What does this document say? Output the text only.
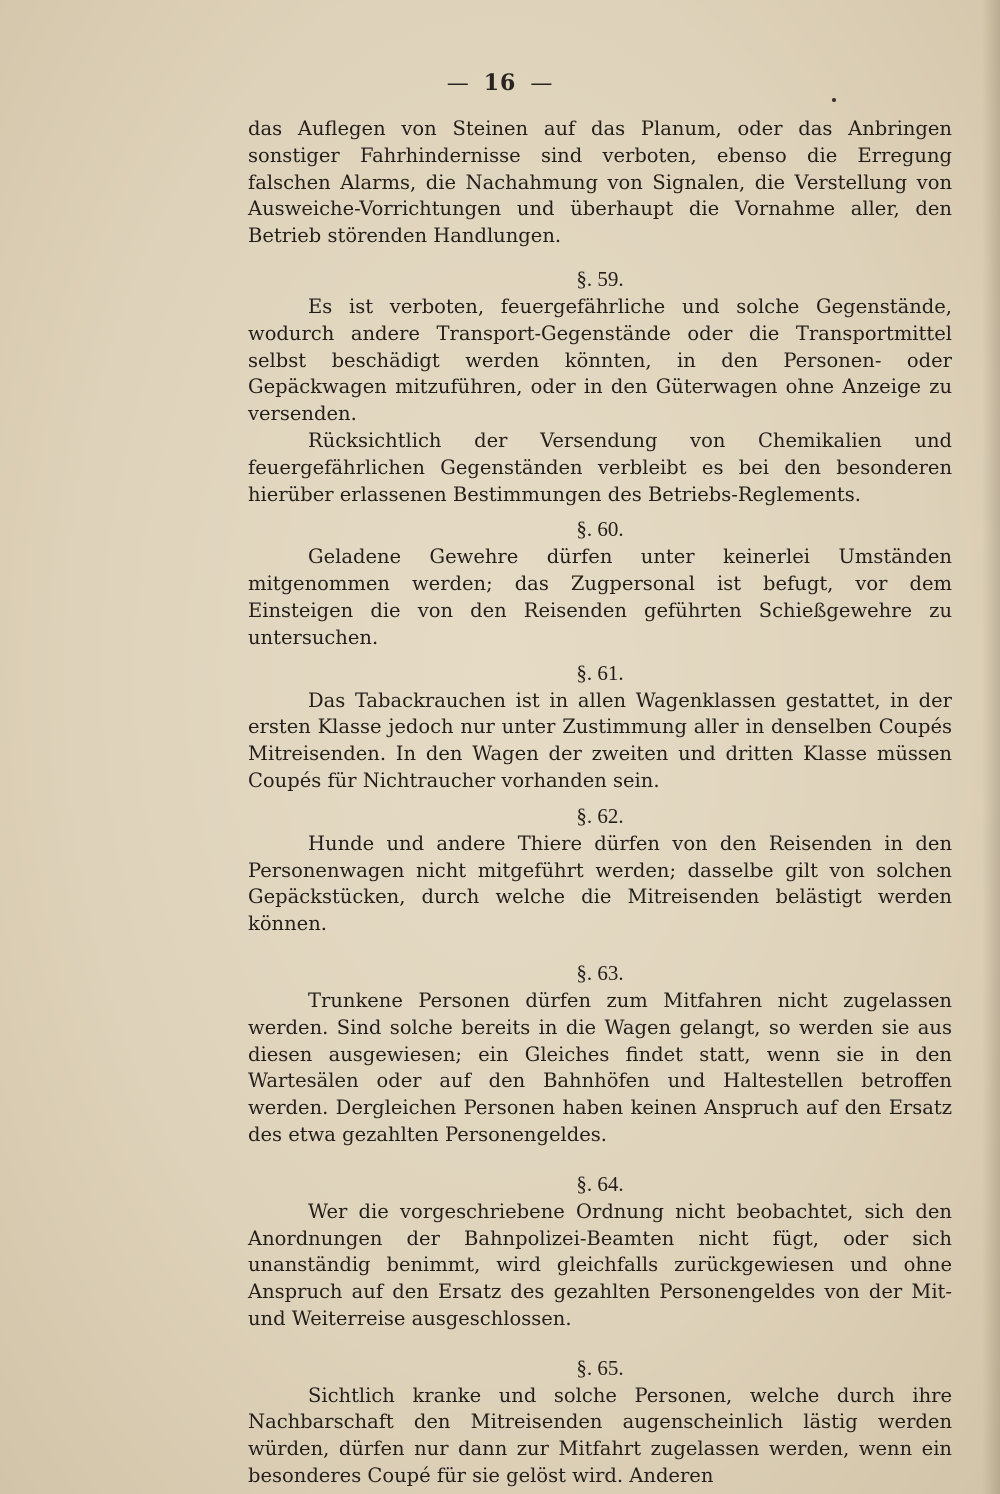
— 16 —

das Auflegen von Steinen auf das Planum, oder das Anbringen sonstiger Fahrhindernisse sind verboten, ebenso die Erregung falschen Alarms, die Nachahmung von Signalen, die Verstellung von Ausweiche-Vorrichtungen und überhaupt die Vornahme aller, den Betrieb störenden Handlungen.

§. 59.

Es ist verboten, feuergefährliche und solche Gegenstände, wodurch andere Transport-Gegenstände oder die Transportmittel selbst beschädigt werden könnten, in den Personen- oder Gepäckwagen mitzuführen, oder in den Güterwagen ohne Anzeige zu versenden.

Rücksichtlich der Versendung von Chemikalien und feuergefährlichen Gegenständen verbleibt es bei den besonderen hierüber erlassenen Bestimmungen des Betriebs-Reglements.

§. 60.

Geladene Gewehre dürfen unter keinerlei Umständen mitgenommen werden; das Zugpersonal ist befugt, vor dem Einsteigen die von den Reisenden geführten Schießgewehre zu untersuchen.

§. 61.

Das Tabackrauchen ist in allen Wagenklassen gestattet, in der ersten Klasse jedoch nur unter Zustimmung aller in denselben Coupés Mitreisenden. In den Wagen der zweiten und dritten Klasse müssen Coupés für Nichtraucher vorhanden sein.

§. 62.

Hunde und andere Thiere dürfen von den Reisenden in den Personenwagen nicht mitgeführt werden; dasselbe gilt von solchen Gepäckstücken, durch welche die Mitreisenden belästigt werden können.

§. 63.

Trunkene Personen dürfen zum Mitfahren nicht zugelassen werden. Sind solche bereits in die Wagen gelangt, so werden sie aus diesen ausgewiesen; ein Gleiches findet statt, wenn sie in den Wartesälen oder auf den Bahnhöfen und Haltestellen betroffen werden. Dergleichen Personen haben keinen Anspruch auf den Ersatz des etwa gezahlten Personengeldes.

§. 64.

Wer die vorgeschriebene Ordnung nicht beobachtet, sich den Anordnungen der Bahnpolizei-Beamten nicht fügt, oder sich unanständig benimmt, wird gleichfalls zurückgewiesen und ohne Anspruch auf den Ersatz des gezahlten Personengeldes von der Mit- und Weiterreise ausgeschlossen.

§. 65.

Sichtlich kranke und solche Personen, welche durch ihre Nachbarschaft den Mitreisenden augenscheinlich lästig werden würden, dürfen nur dann zur Mitfahrt zugelassen werden, wenn ein besonderes Coupé für sie gelöst wird. Anderen
